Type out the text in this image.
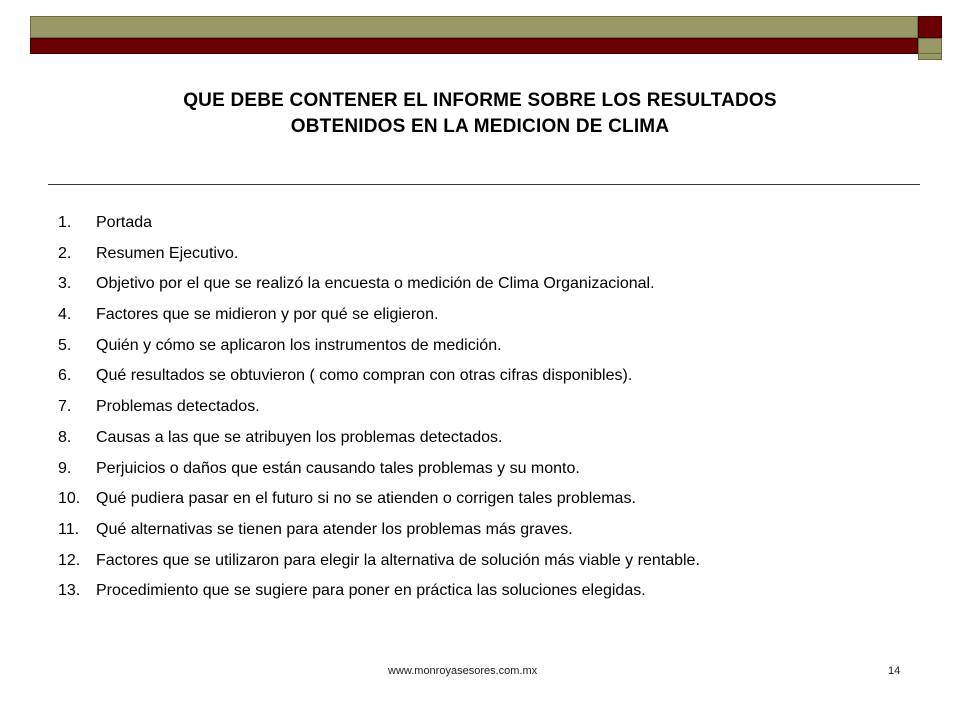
QUE DEBE CONTENER EL INFORME SOBRE LOS RESULTADOS
OBTENIDOS EN LA MEDICION DE CLIMA
1. Portada
2. Resumen Ejecutivo.
3. Objetivo por el que se realizó la encuesta o medición de Clima Organizacional.
4. Factores que se midieron y por qué se eligieron.
5. Quién y cómo se aplicaron los instrumentos de medición.
6. Qué resultados se obtuvieron ( como compran con otras cifras disponibles).
7. Problemas detectados.
8. Causas a las que se atribuyen los problemas detectados.
9. Perjuicios o daños que están causando tales problemas y su monto.
10. Qué pudiera pasar en el futuro si no se atienden o corrigen tales problemas.
11. Qué alternativas se tienen para atender los problemas más graves.
12. Factores que se utilizaron para elegir la alternativa de solución más viable y rentable.
13. Procedimiento que se sugiere para poner en práctica las soluciones elegidas.
www.monroyasesores.com.mx	14
